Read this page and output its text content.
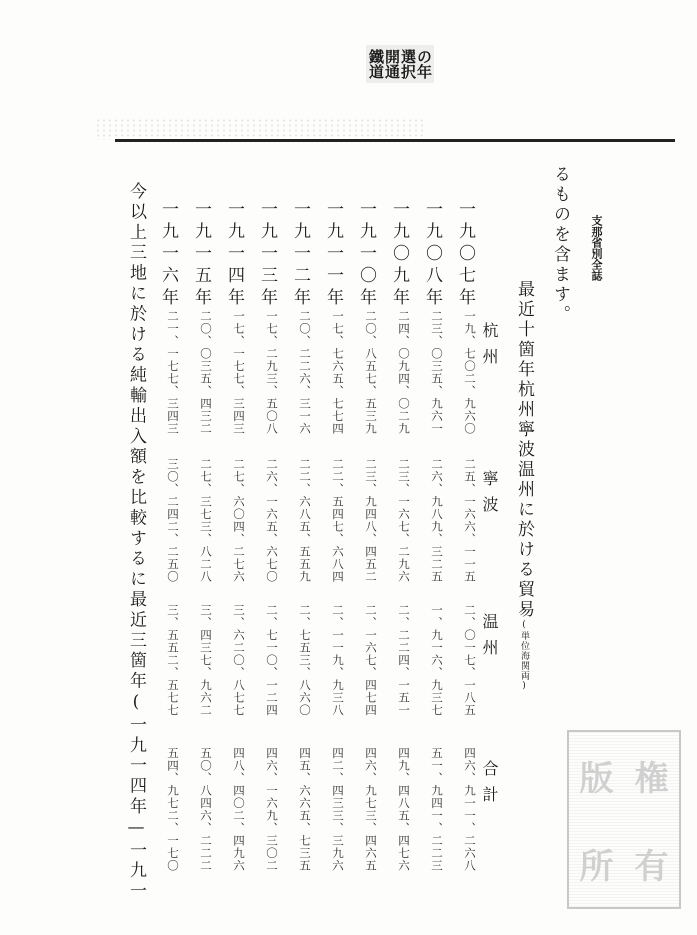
の年
選択
開通
鐵道
支那省別全誌
るものを含ます。
最近十箇年杭州寧波温州に於ける貿易(単位海関両)
杭州
寧波
温州
合計
一九〇七年
一九、七〇二、九六〇
二五、一六六、一一五
二、〇一七、一八五
四六、九一一、二六八
一九〇八年
二三、〇三五、九六一
二六、九八九、三二五
一、九一六、九三七
五一、九四一、二二三
一九〇九年
二四、〇九四、〇二九
二三、一六七、二九六
二、二二四、一五一
四九、四八五、四七六
一九一〇年
二〇、八五七、五三九
二三、九四八、四五二
二、一六七、四七四
四六、九七三、四六五
一九一一年
一七、七六五、七七四
二二、五四七、六八四
二、一一九、九三八
四二、四三三、三九六
一九一二年
二〇、二二六、三一六
二二、六八五、五五九
二、七五三、八六〇
四五、六六五、七三五
一九一三年
一七、二九三、五〇八
二六、一六五、六七〇
二、七一〇、一二四
四六、一六九、三〇二
一九一四年
一七、一七七、三四三
二七、六〇四、二七六
三、六二〇、八七七
四八、四〇二、四九六
一九一五年
二〇、〇三五、四三二
二七、三七三、八二八
三、四三七、九六二
五〇、八四六、二二二
一九一六年
二一、一七七、三四三
三〇、二四二、二五〇
三、五五二、五七七
五四、九七二、一七〇
今以上三地に於ける純輸出入額を比較するに最近三箇年(一九一四年—一九一	版 権
所 有
